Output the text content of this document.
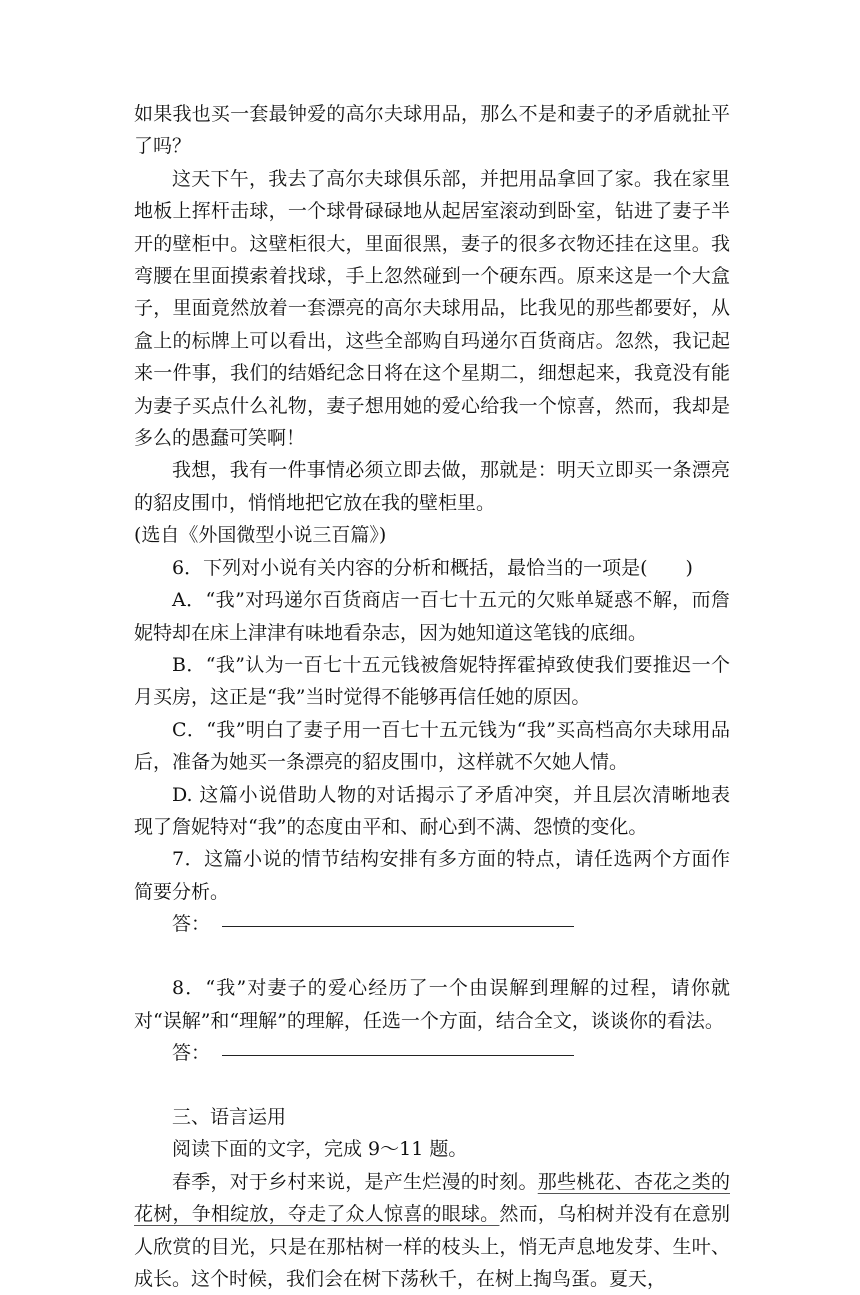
如果我也买一套最钟爱的高尔夫球用品，那么不是和妻子的矛盾就扯平了吗？

这天下午，我去了高尔夫球俱乐部，并把用品拿回了家。我在家里地板上挥杆击球，一个球骨碌碌地从起居室滚动到卧室，钻进了妻子半开的壁柜中。这壁柜很大，里面很黑，妻子的很多衣物还挂在这里。我弯腰在里面摸索着找球，手上忽然碰到一个硬东西。原来这是一个大盒子，里面竟然放着一套漂亮的高尔夫球用品，比我见的那些都要好，从盒上的标牌上可以看出，这些全部购自玛递尔百货商店。忽然，我记起来一件事，我们的结婚纪念日将在这个星期二，细想起来，我竟没有能为妻子买点什么礼物，妻子想用她的爱心给我一个惊喜，然而，我却是多么的愚蠢可笑啊！

我想，我有一件事情必须立即去做，那就是：明天立即买一条漂亮的貂皮围巾，悄悄地把它放在我的壁柜里。

(选自《外国微型小说三百篇》)

6．下列对小说有关内容的分析和概括，最恰当的一项是(　　)

A．“我”对玛递尔百货商店一百七十五元的欠账单疑惑不解，而詹妮特却在床上津津有味地看杂志，因为她知道这笔钱的底细。

B．“我”认为一百七十五元钱被詹妮特挥霍掉致使我们要推迟一个月买房，这正是“我”当时觉得不能够再信任她的原因。

C．“我”明白了妻子用一百七十五元钱为“我”买高档高尔夫球用品后，准备为她买一条漂亮的貂皮围巾，这样就不欠她人情。

D. 这篇小说借助人物的对话揭示了矛盾冲突，并且层次清晰地表现了詹妮特对“我”的态度由平和、耐心到不满、怨愤的变化。

7．这篇小说的情节结构安排有多方面的特点，请任选两个方面作简要分析。

答：

8．“我”对妻子的爱心经历了一个由误解到理解的过程，请你就对“误解”和“理解”的理解，任选一个方面，结合全文，谈谈你的看法。

答：

三、语言运用

阅读下面的文字，完成 9～11 题。

春季，对于乡村来说，是产生烂漫的时刻。那些桃花、杏花之类的花树，争相绽放，夺走了众人惊喜的眼球。然而，乌桕树并没有在意别人欣赏的目光，只是在那枯树一样的枝头上，悄无声息地发芽、生叶、成长。这个时候，我们会在树下荡秋千，在树上掏鸟蛋。夏天，
